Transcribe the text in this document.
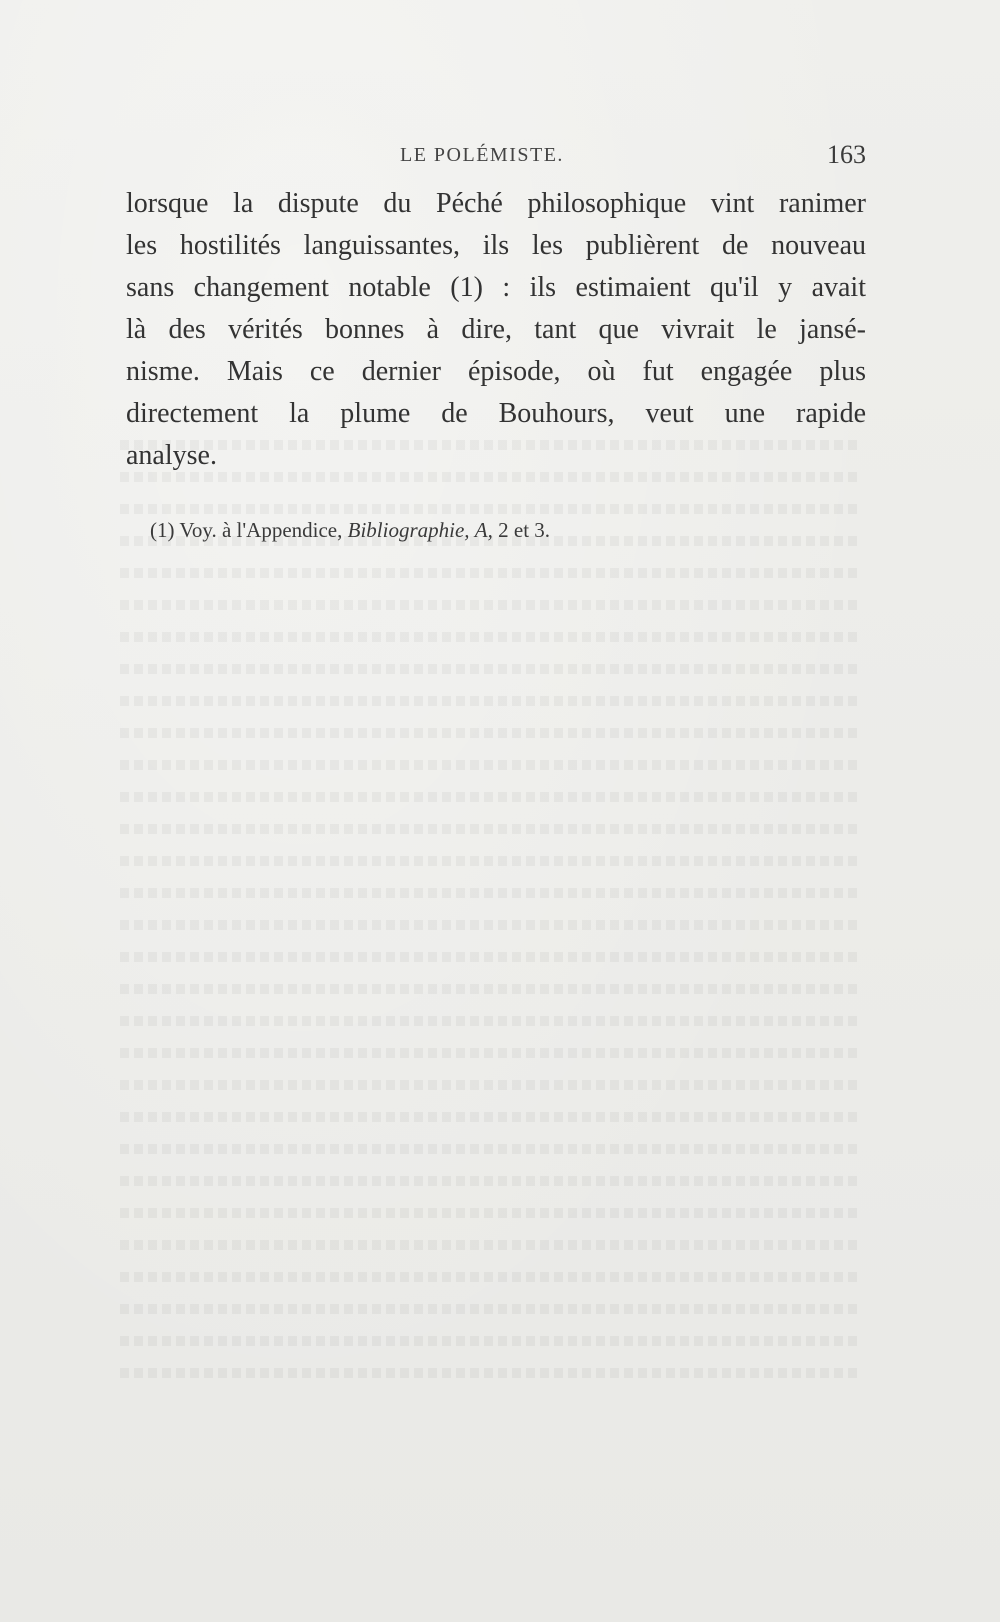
LE POLÉMISTE.	163
lorsque la dispute du Péché philosophique vint ranimer
les hostilités languissantes, ils les publièrent de nouveau
sans changement notable (1) : ils estimaient qu'il y avait
là des vérités bonnes à dire, tant que vivrait le jansé-
nisme. Mais ce dernier épisode, où fut engagée plus
directement la plume de Bouhours, veut une rapide
analyse.
(1) Voy. à l'Appendice, Bibliographie, A, 2 et 3.
